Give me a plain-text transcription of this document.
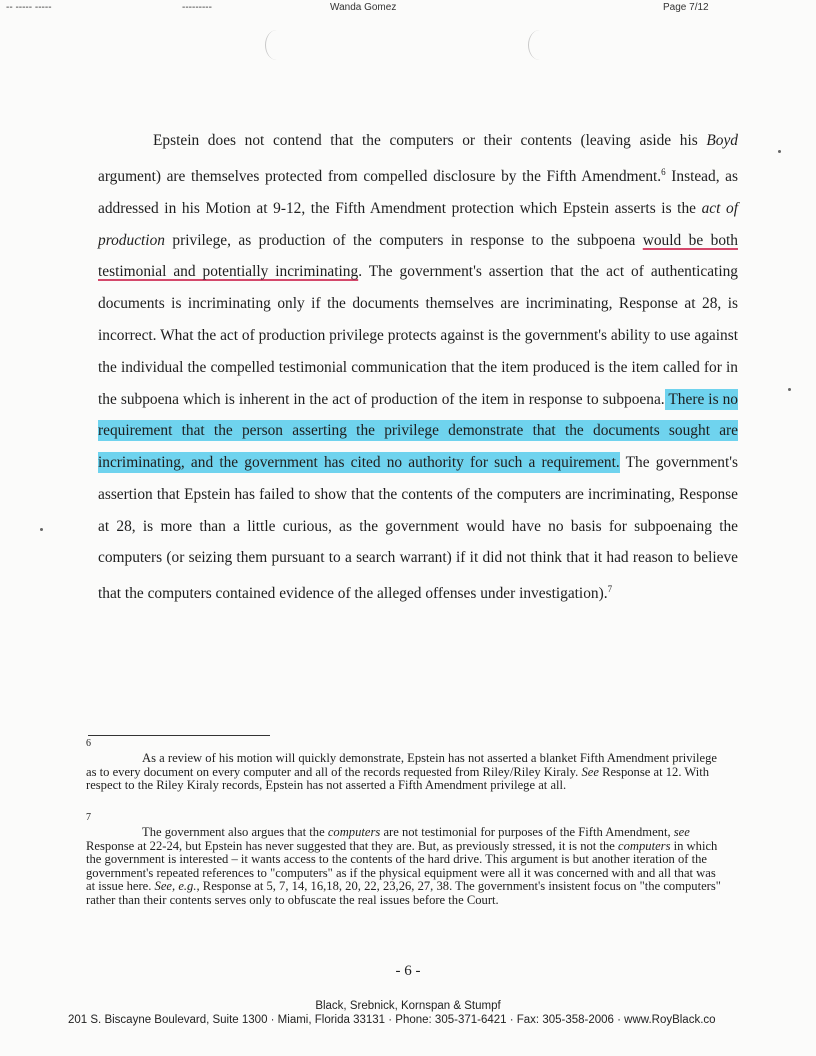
-- ----- -----	---------	Wanda Gomez	Page 7/12

Epstein does not contend that the computers or their contents (leaving aside his Boyd argument) are themselves protected from compelled disclosure by the Fifth Amendment.$^6$ Instead, as addressed in his Motion at 9-12, the Fifth Amendment protection which Epstein asserts is the act of production privilege, as production of the computers in response to the subpoena would be both testimonial and potentially incriminating. The government's assertion that the act of authenticating documents is incriminating only if the documents themselves are incriminating, Response at 28, is incorrect. What the act of production privilege protects against is the government's ability to use against the individual the compelled testimonial communication that the item produced is the item called for in the subpoena which is inherent in the act of production of the item in response to subpoena. There is no requirement that the person asserting the privilege demonstrate that the documents sought are incriminating, and the government has cited no authority for such a requirement. The government's assertion that Epstein has failed to show that the contents of the computers are incriminating, Response at 28, is more than a little curious, as the government would have no basis for subpoenaing the computers (or seizing them pursuant to a search warrant) if it did not think that it had reason to believe that the computers contained evidence of the alleged offenses under investigation).$^7$

6
As a review of his motion will quickly demonstrate, Epstein has not asserted a blanket Fifth Amendment privilege as to every document on every computer and all of the records requested from Riley/Riley Kiraly. See Response at 12. With respect to the Riley Kiraly records, Epstein has not asserted a Fifth Amendment privilege at all.
7
The government also argues that the computers are not testimonial for purposes of the Fifth Amendment, see Response at 22-24, but Epstein has never suggested that they are. But, as previously stressed, it is not the computers in which the government is interested – it wants access to the contents of the hard drive. This argument is but another iteration of the government's repeated references to "computers" as if the physical equipment were all it was concerned with and all that was at issue here. See, e.g., Response at 5, 7, 14, 16,18, 20, 22, 23,26, 27, 38. The government's insistent focus on "the computers" rather than their contents serves only to obfuscate the real issues before the Court.
- 6 -
Black, Srebnick, Kornspan & Stumpf
201 S. Biscayne Boulevard, Suite 1300 · Miami, Florida 33131 · Phone: 305-371-6421 · Fax: 305-358-2006 · www.RoyBlack.co
